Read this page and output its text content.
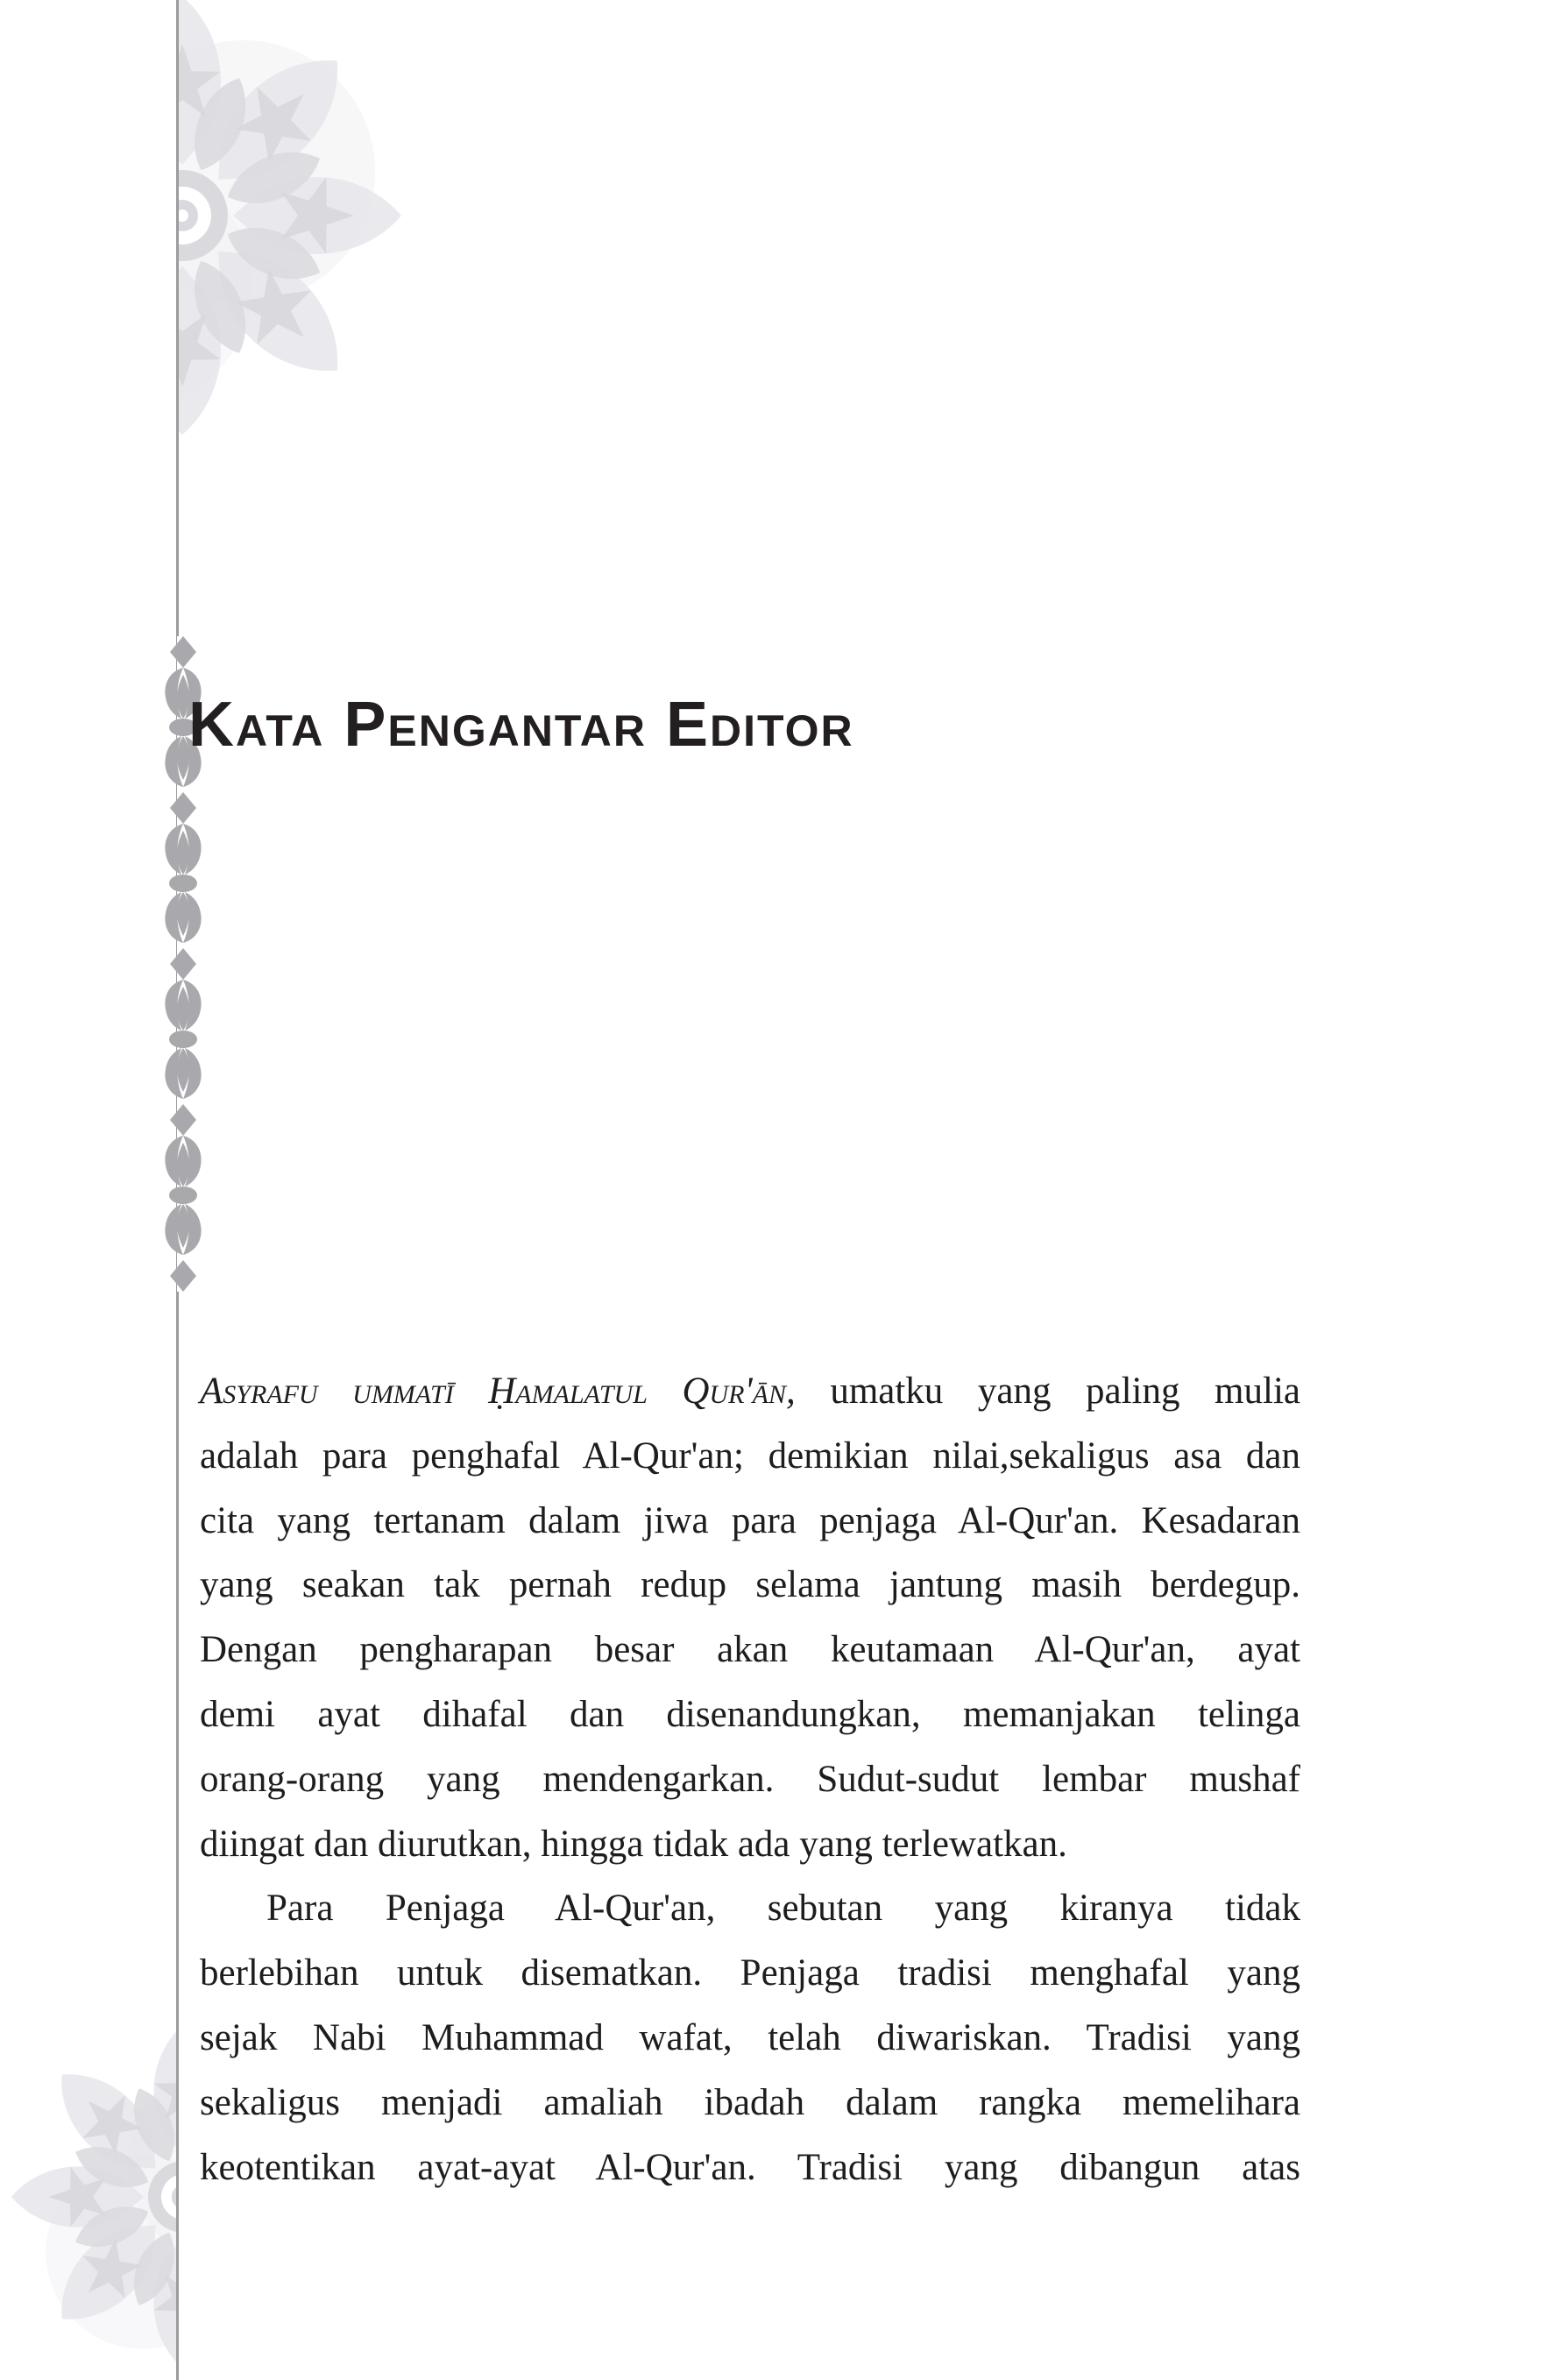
Kata Pengantar Editor
Asyrafu ummatī Ḥamalatul Qur'ān, umatku yang paling mulia
adalah para penghafal Al-Qur'an; demikian nilai,sekaligus asa dan
cita yang tertanam dalam jiwa para penjaga Al-Qur'an. Kesadaran
yang seakan tak pernah redup selama jantung masih berdegup.
Dengan pengharapan besar akan keutamaan Al-Qur'an, ayat
demi ayat dihafal dan disenandungkan, memanjakan telinga
orang-orang yang mendengarkan. Sudut-sudut lembar mushaf
diingat dan diurutkan, hingga tidak ada yang terlewatkan.
Para Penjaga Al-Qur'an, sebutan yang kiranya tidak
berlebihan untuk disematkan. Penjaga tradisi menghafal yang
sejak Nabi Muhammad wafat, telah diwariskan. Tradisi yang
sekaligus menjadi amaliah ibadah dalam rangka memelihara
keotentikan ayat-ayat Al-Qur'an. Tradisi yang dibangun atas
